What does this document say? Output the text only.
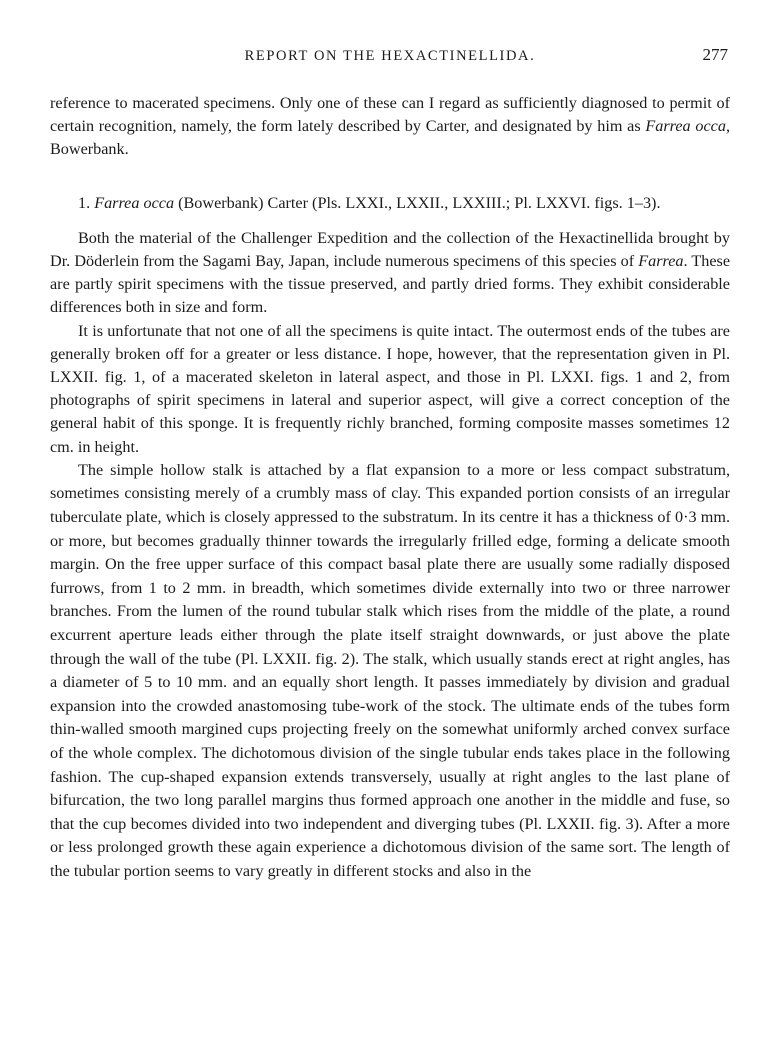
REPORT ON THE HEXACTINELLIDA.	277

reference to macerated specimens. Only one of these can I regard as sufficiently diagnosed to permit of certain recognition, namely, the form lately described by Carter, and designated by him as Farrea occa, Bowerbank.

1. Farrea occa (Bowerbank) Carter (Pls. LXXI., LXXII., LXXIII.; Pl. LXXVI. figs. 1–3).

Both the material of the Challenger Expedition and the collection of the Hexactinellida brought by Dr. Döderlein from the Sagami Bay, Japan, include numerous specimens of this species of Farrea. These are partly spirit specimens with the tissue preserved, and partly dried forms. They exhibit considerable differences both in size and form.

It is unfortunate that not one of all the specimens is quite intact. The outermost ends of the tubes are generally broken off for a greater or less distance. I hope, however, that the representation given in Pl. LXXII. fig. 1, of a macerated skeleton in lateral aspect, and those in Pl. LXXI. figs. 1 and 2, from photographs of spirit specimens in lateral and superior aspect, will give a correct conception of the general habit of this sponge. It is frequently richly branched, forming composite masses sometimes 12 cm. in height.

The simple hollow stalk is attached by a flat expansion to a more or less compact substratum, sometimes consisting merely of a crumbly mass of clay. This expanded portion consists of an irregular tuberculate plate, which is closely appressed to the substratum. In its centre it has a thickness of 0·3 mm. or more, but becomes gradually thinner towards the irregularly frilled edge, forming a delicate smooth margin. On the free upper surface of this compact basal plate there are usually some radially disposed furrows, from 1 to 2 mm. in breadth, which sometimes divide externally into two or three narrower branches. From the lumen of the round tubular stalk which rises from the middle of the plate, a round excurrent aperture leads either through the plate itself straight downwards, or just above the plate through the wall of the tube (Pl. LXXII. fig. 2). The stalk, which usually stands erect at right angles, has a diameter of 5 to 10 mm. and an equally short length. It passes immediately by division and gradual expansion into the crowded anastomosing tube-work of the stock. The ultimate ends of the tubes form thin-walled smooth margined cups projecting freely on the somewhat uniformly arched convex surface of the whole complex. The dichotomous division of the single tubular ends takes place in the following fashion. The cup-shaped expansion extends transversely, usually at right angles to the last plane of bifurcation, the two long parallel margins thus formed approach one another in the middle and fuse, so that the cup becomes divided into two independent and diverging tubes (Pl. LXXII. fig. 3). After a more or less prolonged growth these again experience a dichotomous division of the same sort. The length of the tubular portion seems to vary greatly in different stocks and also in the
